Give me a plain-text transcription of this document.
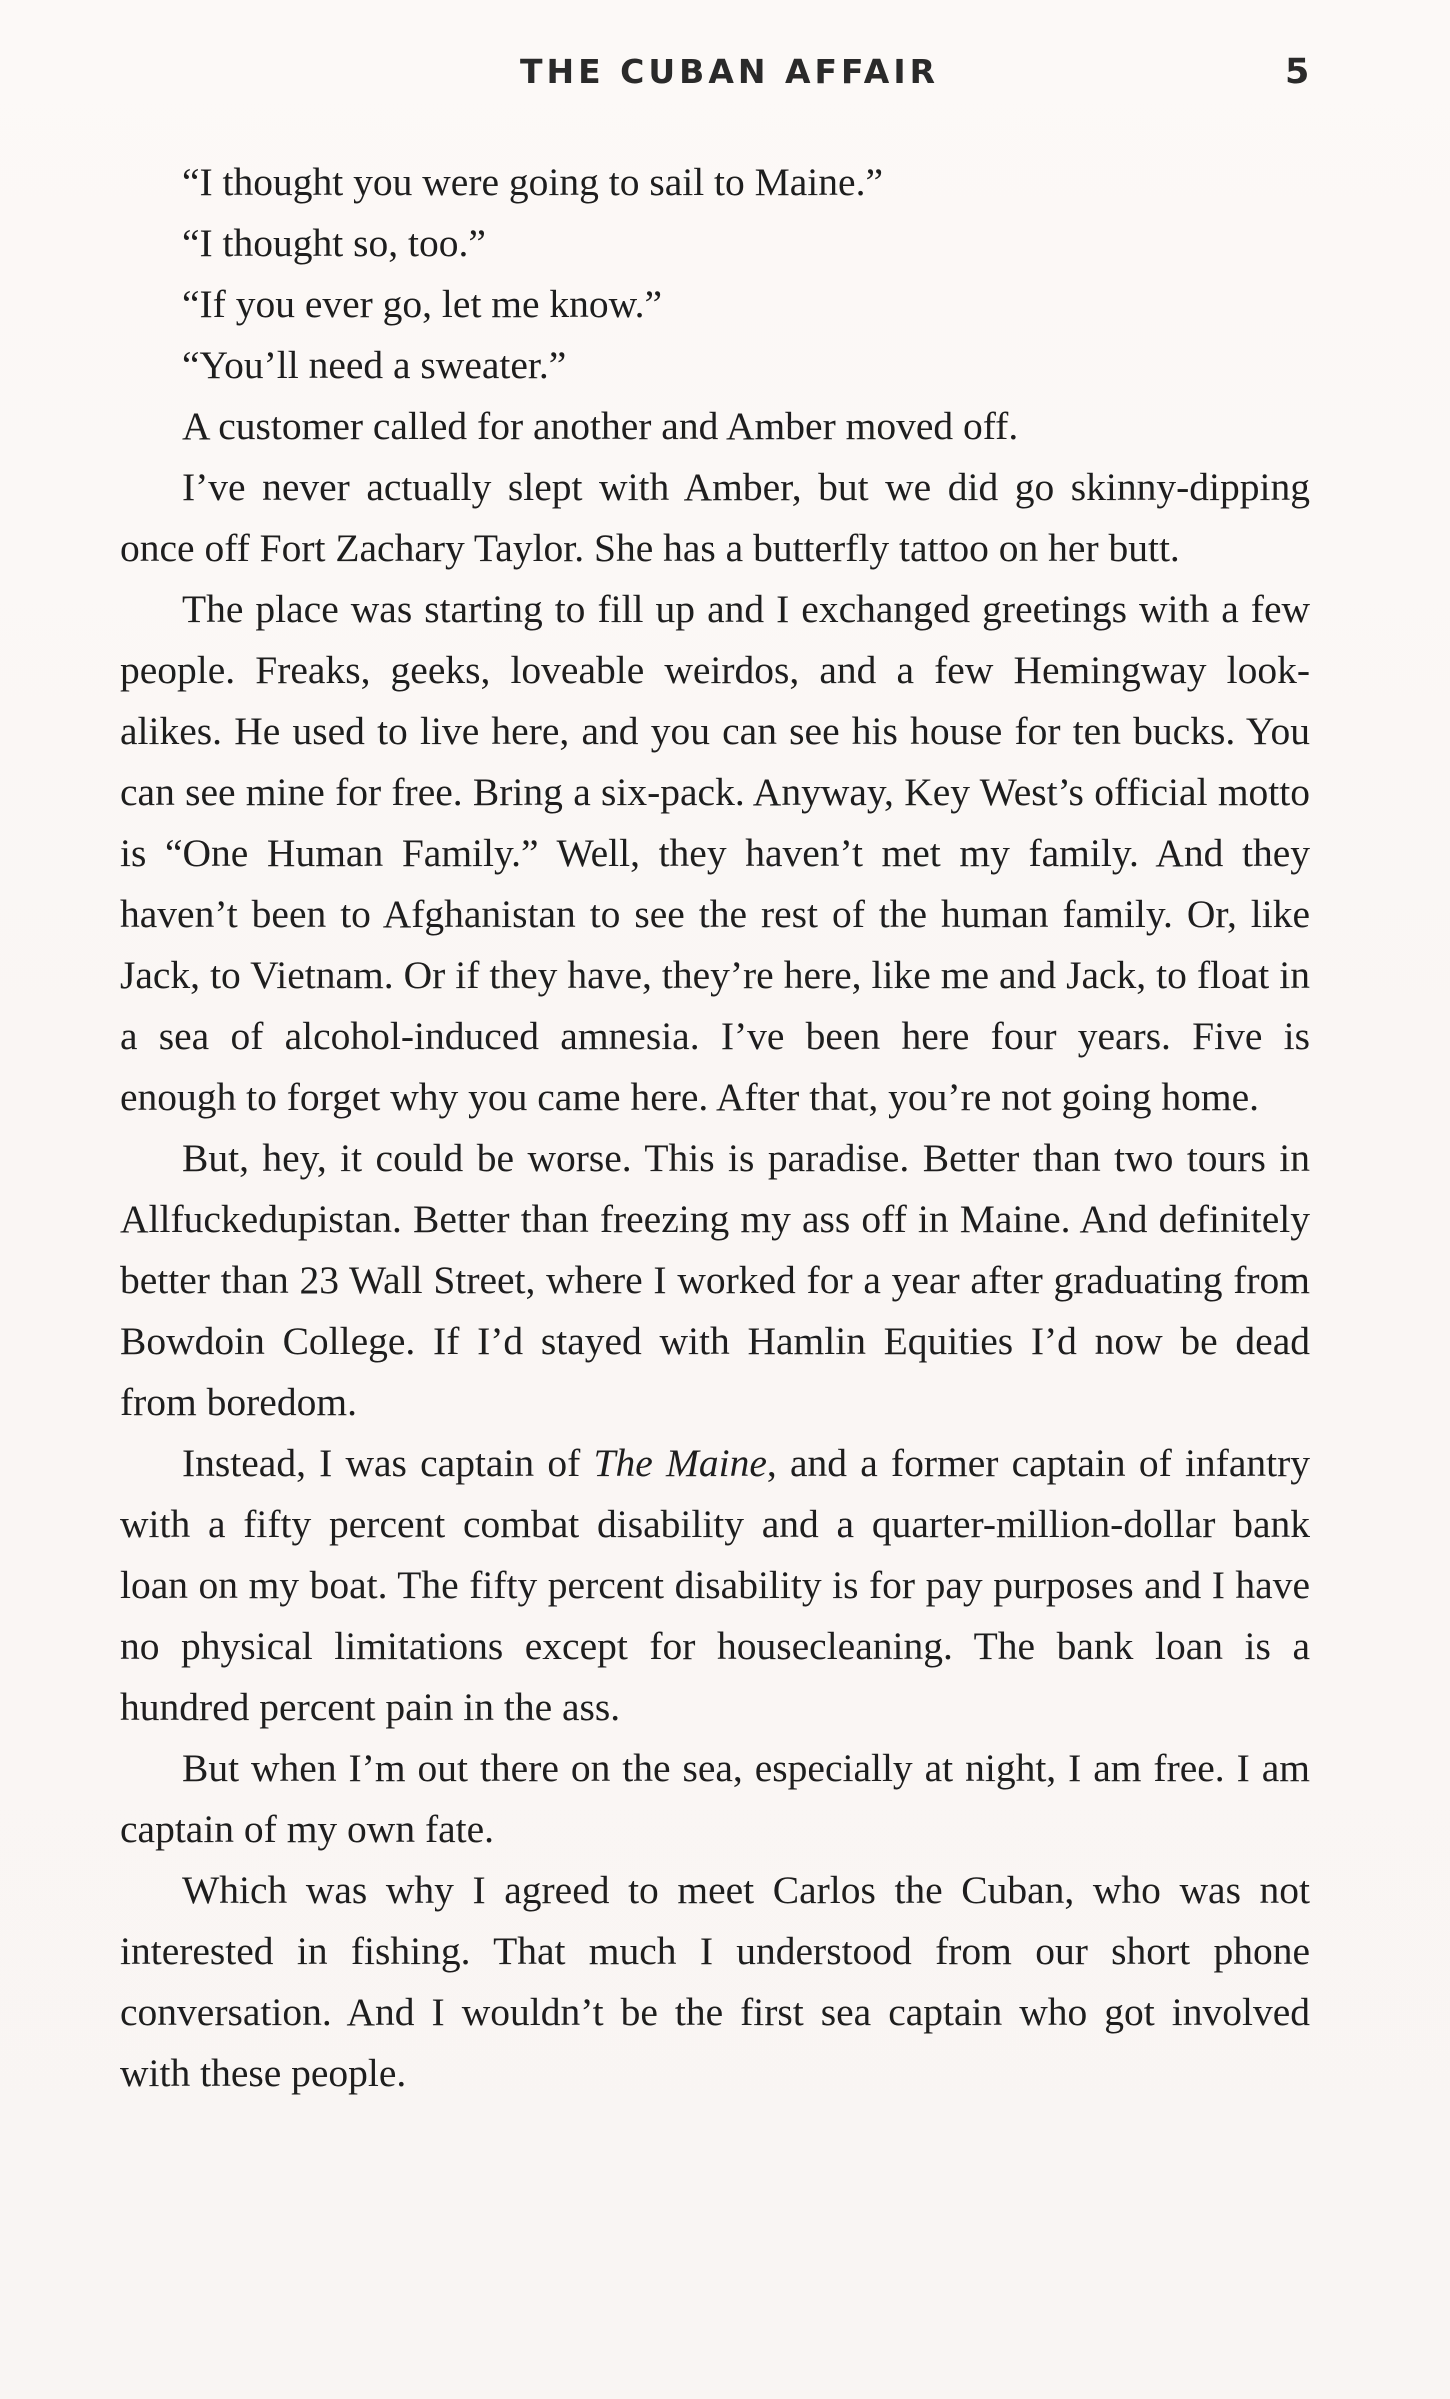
THE CUBAN AFFAIR	5

“I thought you were going to sail to Maine.”

“I thought so, too.”

“If you ever go, let me know.”

“You’ll need a sweater.”

A customer called for another and Amber moved off.

I’ve never actually slept with Amber, but we did go skinny-dipping once off Fort Zachary Taylor. She has a butterfly tattoo on her butt.

The place was starting to fill up and I exchanged greetings with a few people. Freaks, geeks, loveable weirdos, and a few Hemingway look-alikes. He used to live here, and you can see his house for ten bucks. You can see mine for free. Bring a six-pack. Anyway, Key West’s official motto is “One Human Family.” Well, they haven’t met my family. And they haven’t been to Afghanistan to see the rest of the human family. Or, like Jack, to Vietnam. Or if they have, they’re here, like me and Jack, to float in a sea of alcohol-induced amnesia. I’ve been here four years. Five is enough to forget why you came here. After that, you’re not going home.

But, hey, it could be worse. This is paradise. Better than two tours in Allfuckedupistan. Better than freezing my ass off in Maine. And definitely better than 23 Wall Street, where I worked for a year after graduating from Bowdoin College. If I’d stayed with Hamlin Equities I’d now be dead from boredom.

Instead, I was captain of The Maine, and a former captain of infantry with a fifty percent combat disability and a quarter-million-dollar bank loan on my boat. The fifty percent disability is for pay purposes and I have no physical limitations except for housecleaning. The bank loan is a hundred percent pain in the ass.

But when I’m out there on the sea, especially at night, I am free. I am captain of my own fate.

Which was why I agreed to meet Carlos the Cuban, who was not interested in fishing. That much I understood from our short phone conversation. And I wouldn’t be the first sea captain who got involved with these people.
